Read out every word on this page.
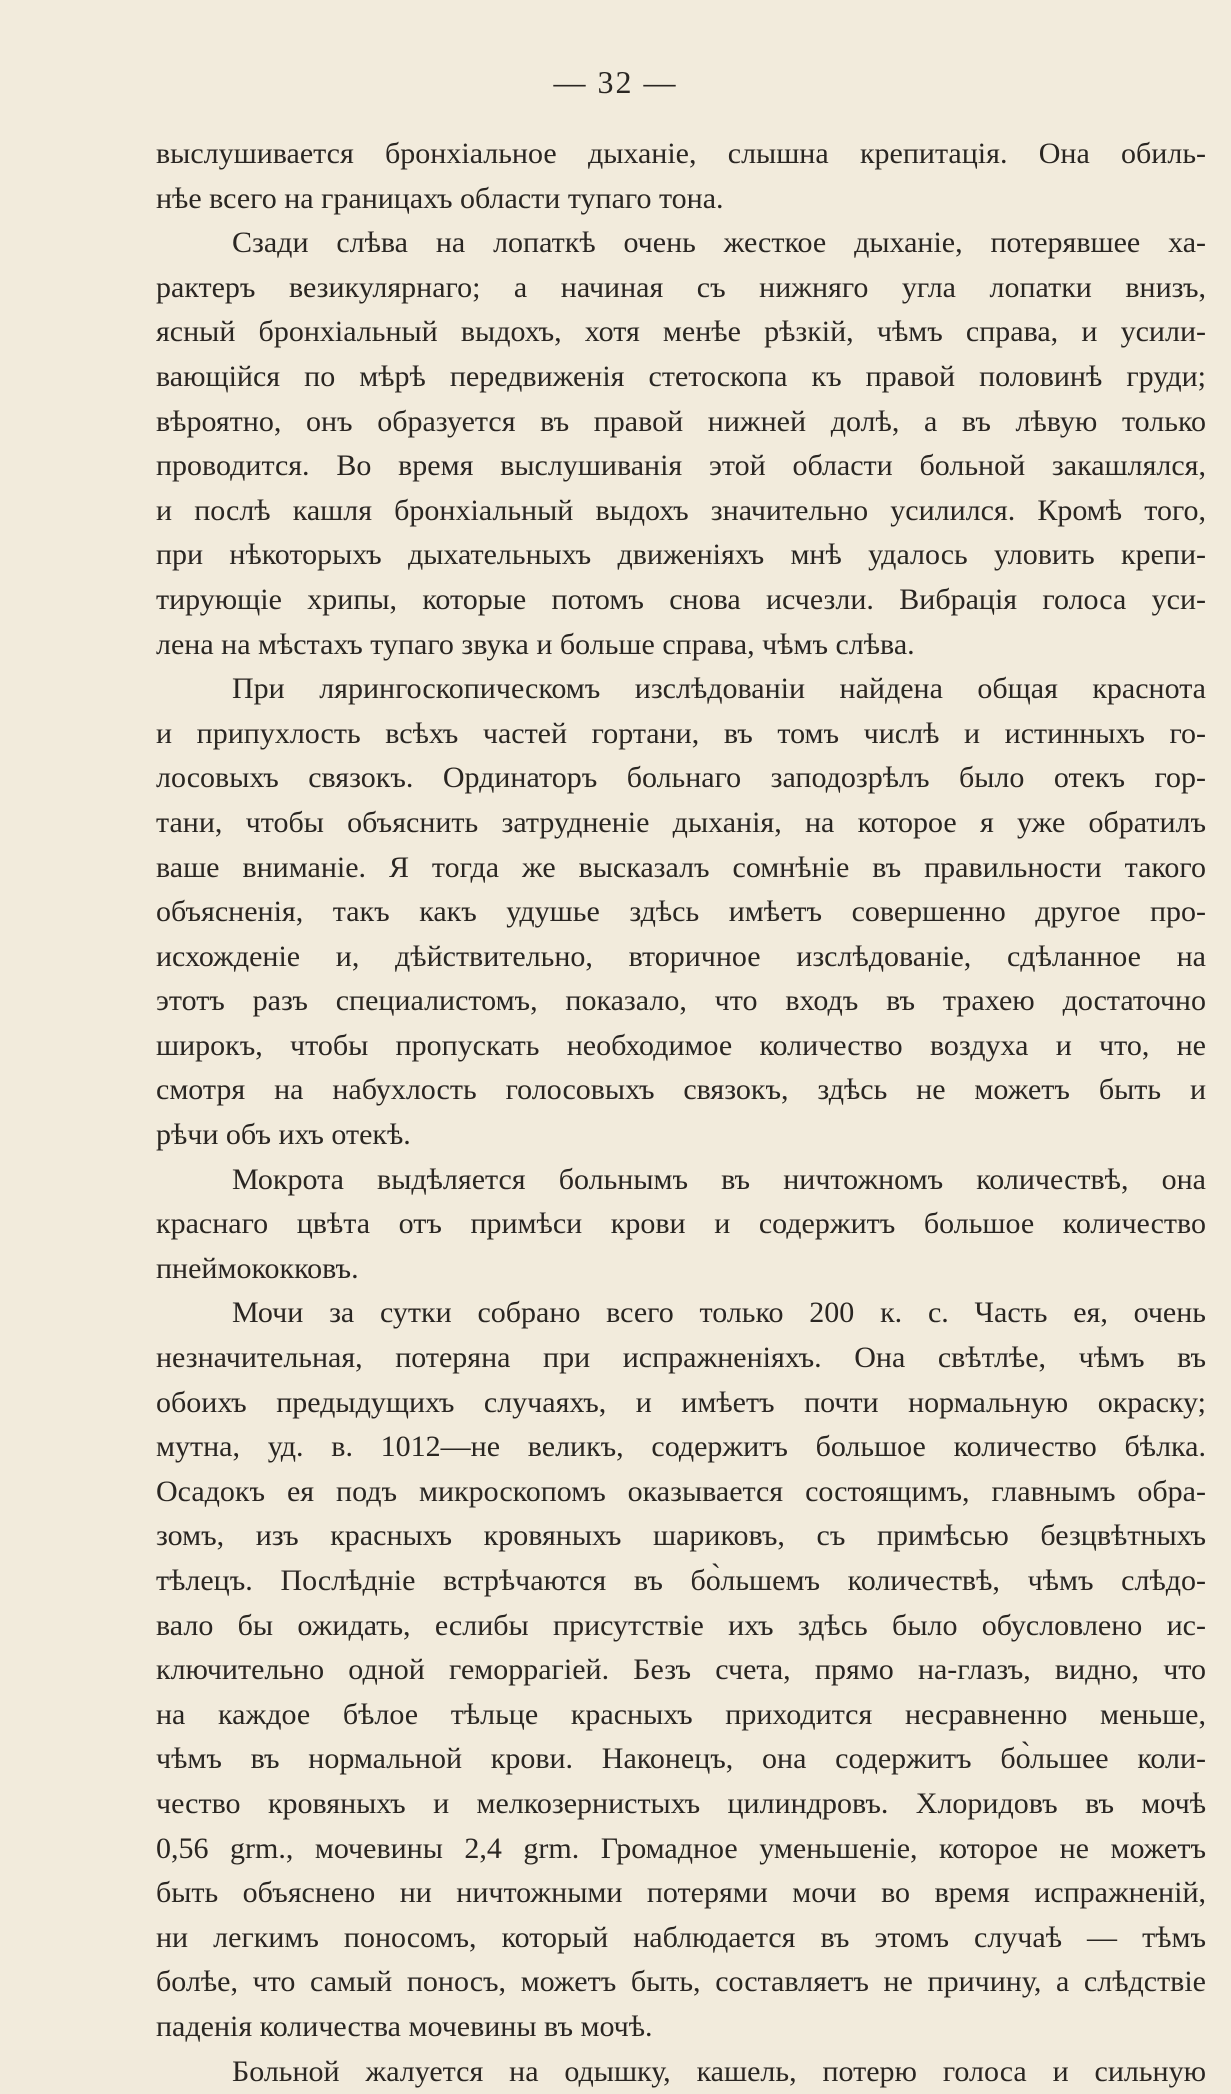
— 32 —
выслушивается бронхіальное дыханіе, слышна крепитація. Она обиль-
нѣе всего на границахъ области тупаго тона.
Сзади слѣва на лопаткѣ очень жесткое дыханіе, потерявшее ха-
рактеръ везикулярнаго; а начиная съ нижняго угла лопатки внизъ,
ясный бронхіальный выдохъ, хотя менѣе рѣзкій, чѣмъ справа, и усили-
вающійся по мѣрѣ передвиженія стетоскопа къ правой половинѣ груди;
вѣроятно, онъ образуется въ правой нижней долѣ, а въ лѣвую только
проводится. Во время выслушиванія этой области больной закашлялся,
и послѣ кашля бронхіальный выдохъ значительно усилился. Кромѣ того,
при нѣкоторыхъ дыхательныхъ движеніяхъ мнѣ удалось уловить крепи-
тирующіе хрипы, которые потомъ снова исчезли. Вибрація голоса уси-
лена на мѣстахъ тупаго звука и больше справа, чѣмъ слѣва.
При лярингоскопическомъ изслѣдованіи найдена общая краснота
и припухлость всѣхъ частей гортани, въ томъ числѣ и истинныхъ го-
лосовыхъ связокъ. Ординаторъ больнаго заподозрѣлъ было отекъ гор-
тани, чтобы объяснить затрудненіе дыханія, на которое я уже обратилъ
ваше вниманіе. Я тогда же высказалъ сомнѣніе въ правильности такого
объясненія, такъ какъ удушье здѣсь имѣетъ совершенно другое про-
исхожденіе и, дѣйствительно, вторичное изслѣдованіе, сдѣланное на
этотъ разъ специалистомъ, показало, что входъ въ трахею достаточно
широкъ, чтобы пропускать необходимое количество воздуха и что, не
смотря на набухлость голосовыхъ связокъ, здѣсь не можетъ быть и
рѣчи объ ихъ отекѣ.
Мокрота выдѣляется больнымъ въ ничтожномъ количествѣ, она
краснаго цвѣта отъ примѣси крови и содержитъ большое количество
пнеймококковъ.
Мочи за сутки собрано всего только 200 к. с. Часть ея, очень
незначительная, потеряна при испражненіяхъ. Она свѣтлѣе, чѣмъ въ
обоихъ предыдущихъ случаяхъ, и имѣетъ почти нормальную окраску;
мутна, уд. в. 1012—не великъ, содержитъ большое количество бѣлка.
Осадокъ ея подъ микроскопомъ оказывается состоящимъ, главнымъ обра-
зомъ, изъ красныхъ кровяныхъ шариковъ, съ примѣсью безцвѣтныхъ
тѣлецъ. Послѣдніе встрѣчаются въ бо̀льшемъ количествѣ, чѣмъ слѣдо-
вало бы ожидать, еслибы присутствіе ихъ здѣсь было обусловлено ис-
ключительно одной геморрагіей. Безъ счета, прямо на-глазъ, видно, что
на каждое бѣлое тѣльце красныхъ приходится несравненно меньше,
чѣмъ въ нормальной крови. Наконецъ, она содержитъ бо̀льшее коли-
чество кровяныхъ и мелкозернистыхъ цилиндровъ. Хлоридовъ въ мочѣ
0,56 grm., мочевины 2,4 grm. Громадное уменьшеніе, которое не можетъ
быть объяснено ни ничтожными потерями мочи во время испражненій,
ни легкимъ поносомъ, который наблюдается въ этомъ случаѣ — тѣмъ
болѣе, что самый поносъ, можетъ быть, составляетъ не причину, а слѣдствіе
паденія количества мочевины въ мочѣ.
Больной жалуется на одышку, кашель, потерю голоса и сильную
